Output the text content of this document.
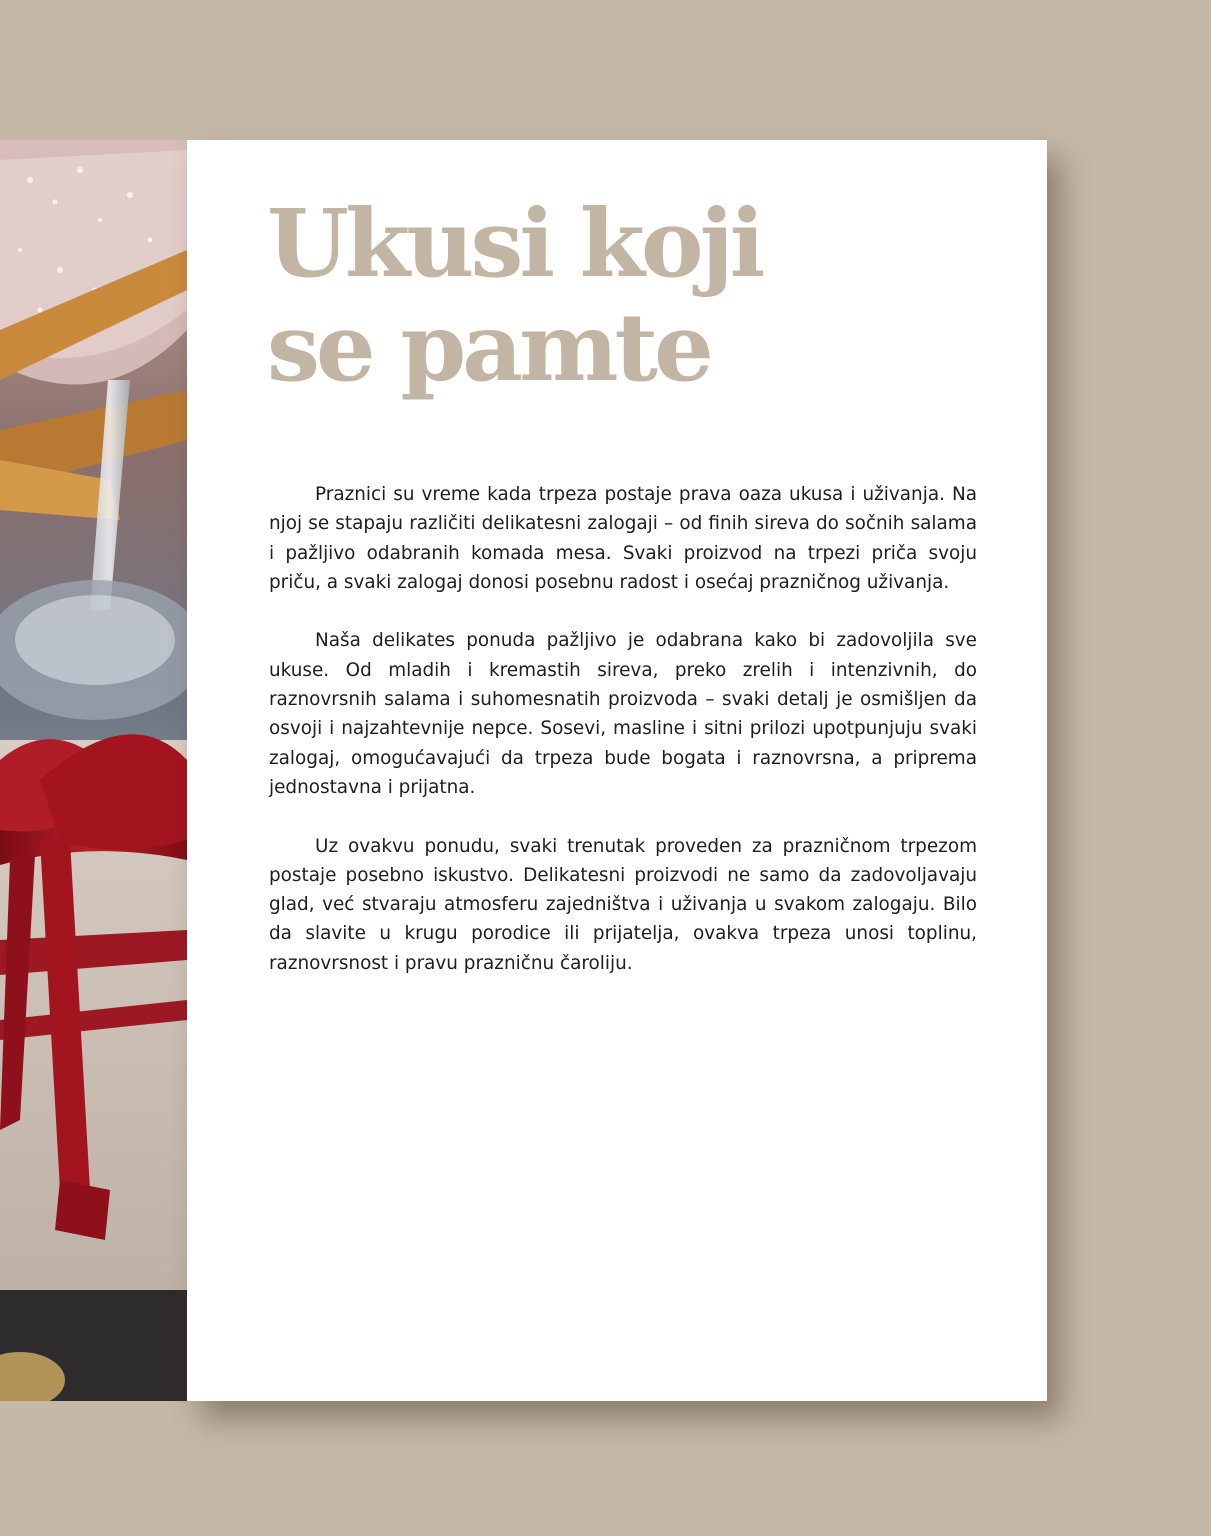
Ukusi koji
se pamte

Praznici su vreme kada trpeza postaje prava oaza ukusa i uživanja. Na njoj se stapaju različiti delikatesni zalogaji – od finih sireva do sočnih salama i pažljivo odabranih komada mesa. Svaki proizvod na trpezi priča svoju priču, a svaki zalogaj donosi posebnu radost i osećaj prazničnog uživanja.

Naša delikates ponuda pažljivo je odabrana kako bi zadovoljila sve ukuse. Od mladih i kremastih sireva, preko zrelih i intenzivnih, do raznovrsnih salama i suhomesnatih proizvoda – svaki detalj je osmišljen da osvoji i najzahtevnije nepce. Sosevi, masline i sitni prilozi upotpunjuju svaki zalogaj, omogućavajući da trpeza bude bogata i raznovrsna, a priprema jednostavna i prijatna.

Uz ovakvu ponudu, svaki trenutak proveden za prazničnom trpezom postaje posebno iskustvo. Delikatesni proizvodi ne samo da zadovoljavaju glad, već stvaraju atmosferu zajedništva i uživanja u svakom zalogaju. Bilo da slavite u krugu porodice ili prijatelja, ovakva trpeza unosi toplinu, raznovrsnost i pravu prazničnu čaroliju.
